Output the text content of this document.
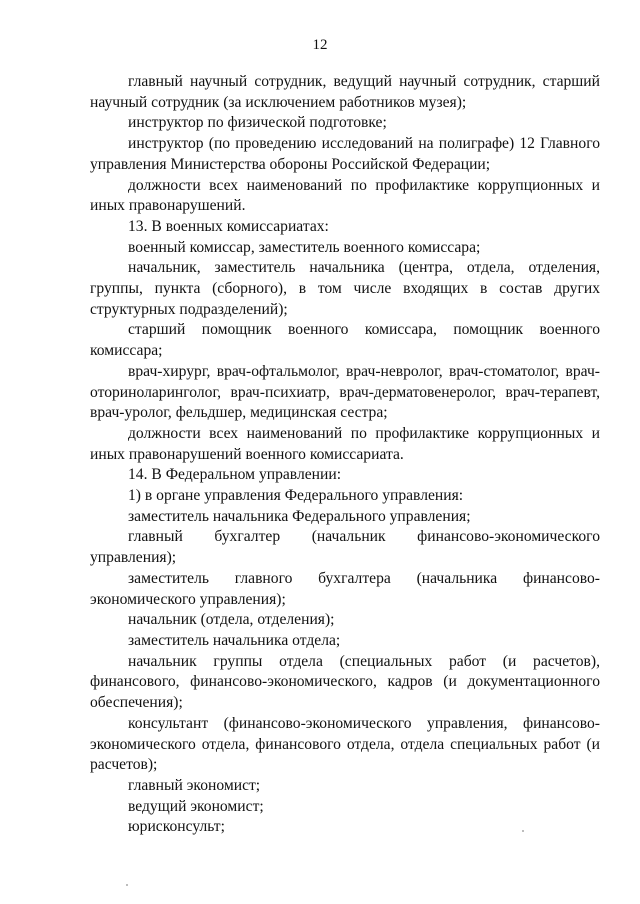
12

главный научный сотрудник, ведущий научный сотрудник, старший научный сотрудник (за исключением работников музея);

инструктор по физической подготовке;

инструктор (по проведению исследований на полиграфе) 12 Главного управления Министерства обороны Российской Федерации;

должности всех наименований по профилактике коррупционных и иных правонарушений.

13. В военных комиссариатах:

военный комиссар, заместитель военного комиссара;

начальник, заместитель начальника (центра, отдела, отделения, группы, пункта (сборного), в том числе входящих в состав других структурных подразделений);

старший помощник военного комиссара, помощник военного комиссара;

врач-хирург, врач-офтальмолог, врач-невролог, врач-стоматолог, врач-оториноларинголог, врач-психиатр, врач-дерматовенеролог, врач-терапевт, врач-уролог, фельдшер, медицинская сестра;

должности всех наименований по профилактике коррупционных и иных правонарушений военного комиссариата.

14. В Федеральном управлении:

1) в органе управления Федерального управления:

заместитель начальника Федерального управления;

главный бухгалтер (начальник финансово-экономического управления);

заместитель главного бухгалтера (начальника финансово-экономического управления);

начальник (отдела, отделения);

заместитель начальника отдела;

начальник группы отдела (специальных работ (и расчетов), финансового, финансово-экономического, кадров (и документационного обеспечения);

консультант (финансово-экономического управления, финансово-экономического отдела, финансового отдела, отдела специальных работ (и расчетов);

главный экономист;

ведущий экономист;

юрисконсульт;
